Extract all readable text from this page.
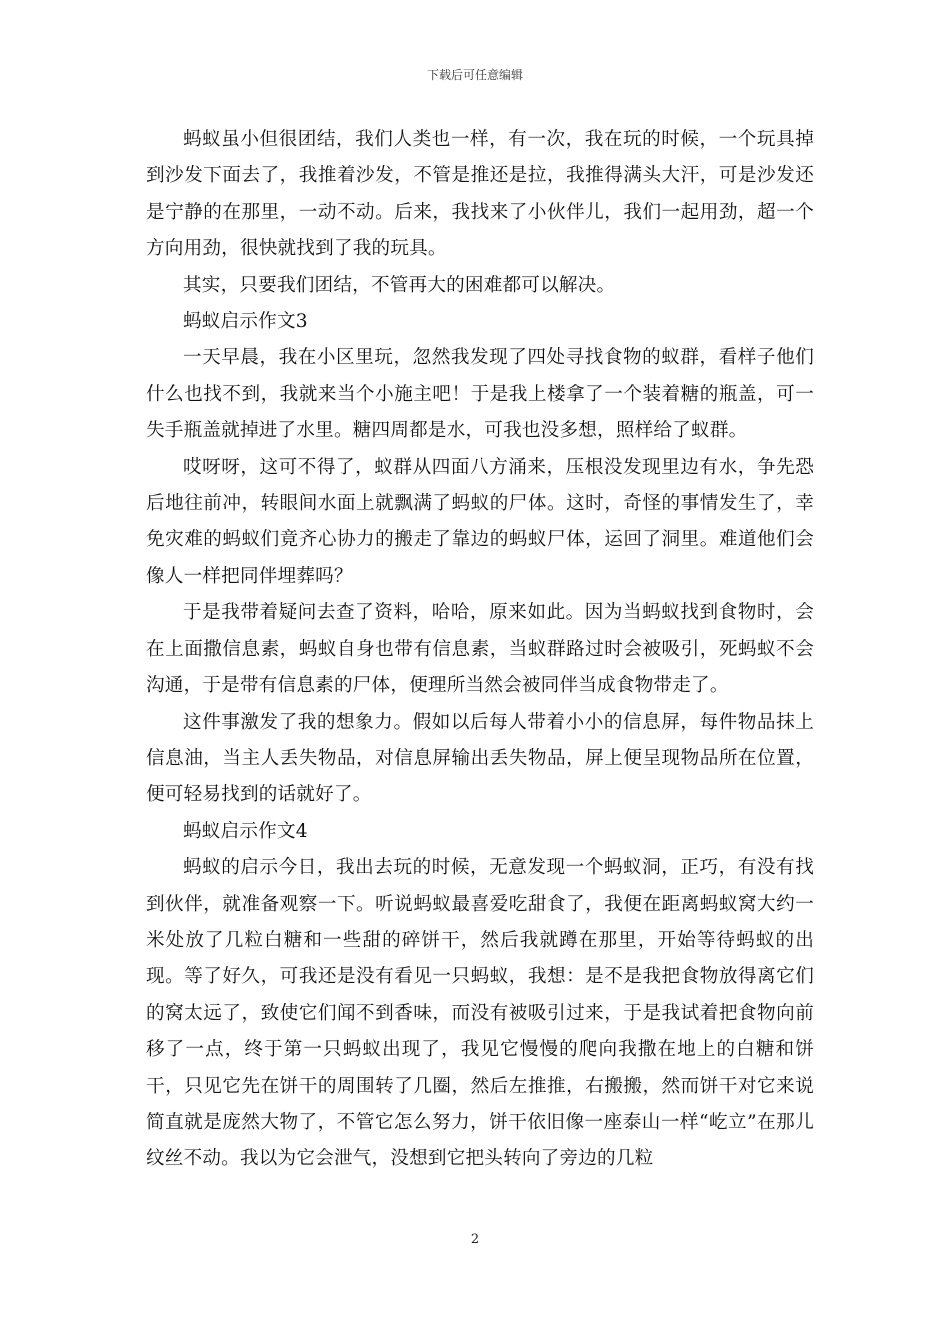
下载后可任意编辑

蚂蚁虽小但很团结，我们人类也一样，有一次，我在玩的时候，一个玩具掉到沙发下面去了，我推着沙发，不管是推还是拉，我推得满头大汗，可是沙发还是宁静的在那里，一动不动。后来，我找来了小伙伴儿，我们一起用劲，超一个方向用劲，很快就找到了我的玩具。

其实，只要我们团结，不管再大的困难都可以解决。

蚂蚁启示作文3

一天早晨，我在小区里玩，忽然我发现了四处寻找食物的蚁群，看样子他们什么也找不到，我就来当个小施主吧！于是我上楼拿了一个装着糖的瓶盖，可一失手瓶盖就掉进了水里。糖四周都是水，可我也没多想，照样给了蚁群。

哎呀呀，这可不得了，蚁群从四面八方涌来，压根没发现里边有水，争先恐后地往前冲，转眼间水面上就飘满了蚂蚁的尸体。这时，奇怪的事情发生了，幸免灾难的蚂蚁们竟齐心协力的搬走了靠边的蚂蚁尸体，运回了洞里。难道他们会像人一样把同伴埋葬吗？

于是我带着疑问去查了资料，哈哈，原来如此。因为当蚂蚁找到食物时，会在上面撒信息素，蚂蚁自身也带有信息素，当蚁群路过时会被吸引，死蚂蚁不会沟通，于是带有信息素的尸体，便理所当然会被同伴当成食物带走了。

这件事激发了我的想象力。假如以后每人带着小小的信息屏，每件物品抹上信息油，当主人丢失物品，对信息屏输出丢失物品，屏上便呈现物品所在位置，便可轻易找到的话就好了。

蚂蚁启示作文4

蚂蚁的启示今日，我出去玩的时候，无意发现一个蚂蚁洞，正巧，有没有找到伙伴，就准备观察一下。听说蚂蚁最喜爱吃甜食了，我便在距离蚂蚁窝大约一米处放了几粒白糖和一些甜的碎饼干，然后我就蹲在那里，开始等待蚂蚁的出现。等了好久，可我还是没有看见一只蚂蚁，我想：是不是我把食物放得离它们的窝太远了，致使它们闻不到香味，而没有被吸引过来，于是我试着把食物向前移了一点，终于第一只蚂蚁出现了，我见它慢慢的爬向我撒在地上的白糖和饼干，只见它先在饼干的周围转了几圈，然后左推推，右搬搬，然而饼干对它来说简直就是庞然大物了，不管它怎么努力，饼干依旧像一座泰山一样“屹立”在那儿纹丝不动。我以为它会泄气，没想到它把头转向了旁边的几粒

2
